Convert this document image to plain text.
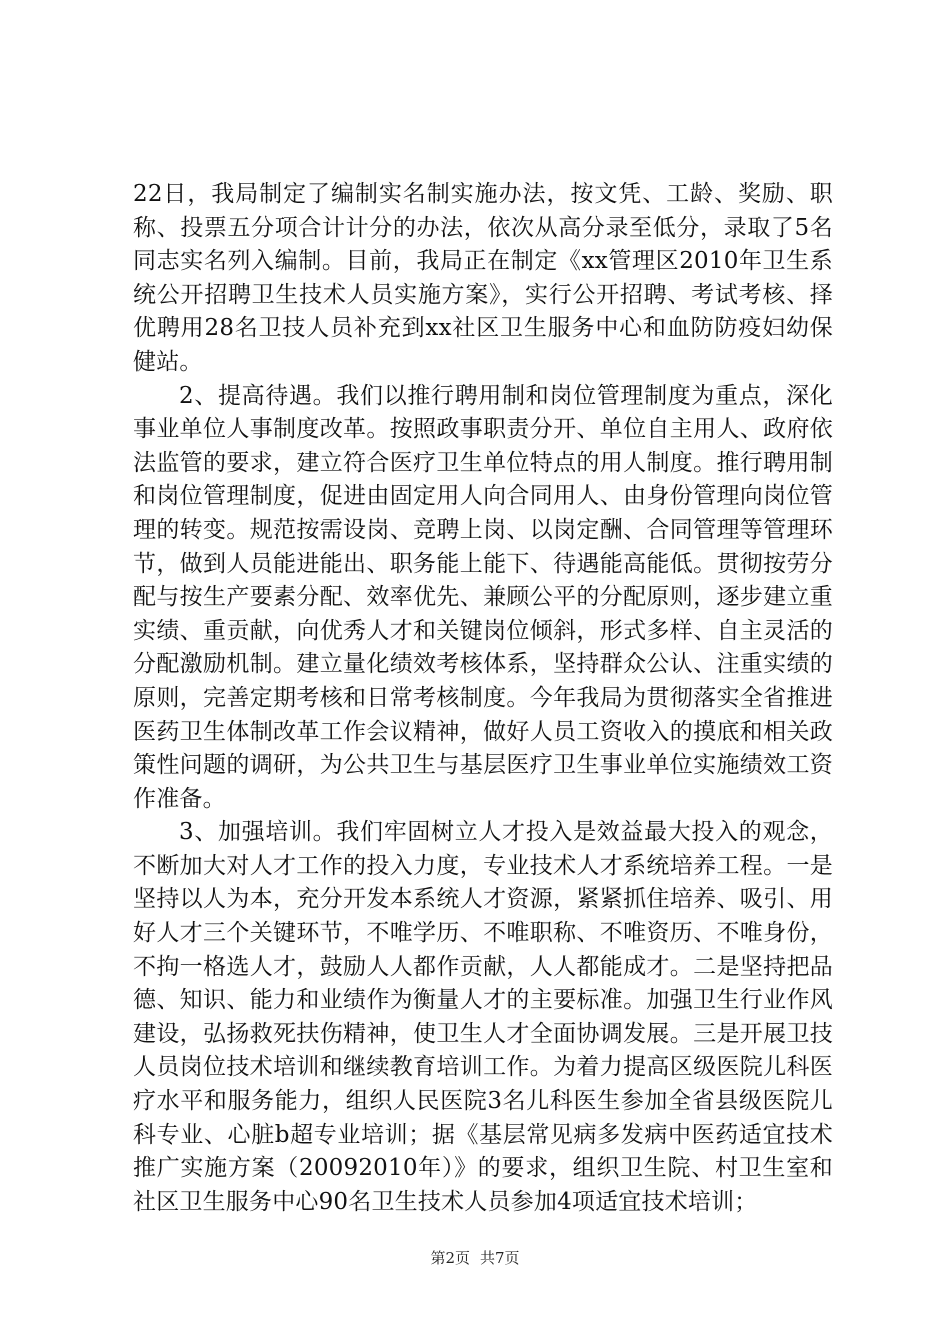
22日，我局制定了编制实名制实施办法，按文凭、工龄、奖励、职称、投票五分项合计计分的办法，依次从高分录至低分，录取了5名同志实名列入编制。目前，我局正在制定《xx管理区2010年卫生系统公开招聘卫生技术人员实施方案》，实行公开招聘、考试考核、择优聘用28名卫技人员补充到xx社区卫生服务中心和血防防疫妇幼保健站。

2、提高待遇。我们以推行聘用制和岗位管理制度为重点，深化事业单位人事制度改革。按照政事职责分开、单位自主用人、政府依法监管的要求，建立符合医疗卫生单位特点的用人制度。推行聘用制和岗位管理制度，促进由固定用人向合同用人、由身份管理向岗位管理的转变。规范按需设岗、竞聘上岗、以岗定酬、合同管理等管理环节，做到人员能进能出、职务能上能下、待遇能高能低。贯彻按劳分配与按生产要素分配、效率优先、兼顾公平的分配原则，逐步建立重实绩、重贡献，向优秀人才和关键岗位倾斜，形式多样、自主灵活的分配激励机制。建立量化绩效考核体系，坚持群众公认、注重实绩的原则，完善定期考核和日常考核制度。今年我局为贯彻落实全省推进医药卫生体制改革工作会议精神，做好人员工资收入的摸底和相关政策性问题的调研，为公共卫生与基层医疗卫生事业单位实施绩效工资作准备。

3、加强培训。我们牢固树立人才投入是效益最大投入的观念，不断加大对人才工作的投入力度，专业技术人才系统培养工程。一是坚持以人为本，充分开发本系统人才资源，紧紧抓住培养、吸引、用好人才三个关键环节，不唯学历、不唯职称、不唯资历、不唯身份，不拘一格选人才，鼓励人人都作贡献，人人都能成才。二是坚持把品德、知识、能力和业绩作为衡量人才的主要标准。加强卫生行业作风建设，弘扬救死扶伤精神，使卫生人才全面协调发展。三是开展卫技人员岗位技术培训和继续教育培训工作。为着力提高区级医院儿科医疗水平和服务能力，组织人民医院3名儿科医生参加全省县级医院儿科专业、心脏b超专业培训；据《基层常见病多发病中医药适宜技术推广实施方案（20092010年）》的要求，组织卫生院、村卫生室和社区卫生服务中心90名卫生技术人员参加4项适宜技术培训；

第2页 共7页
